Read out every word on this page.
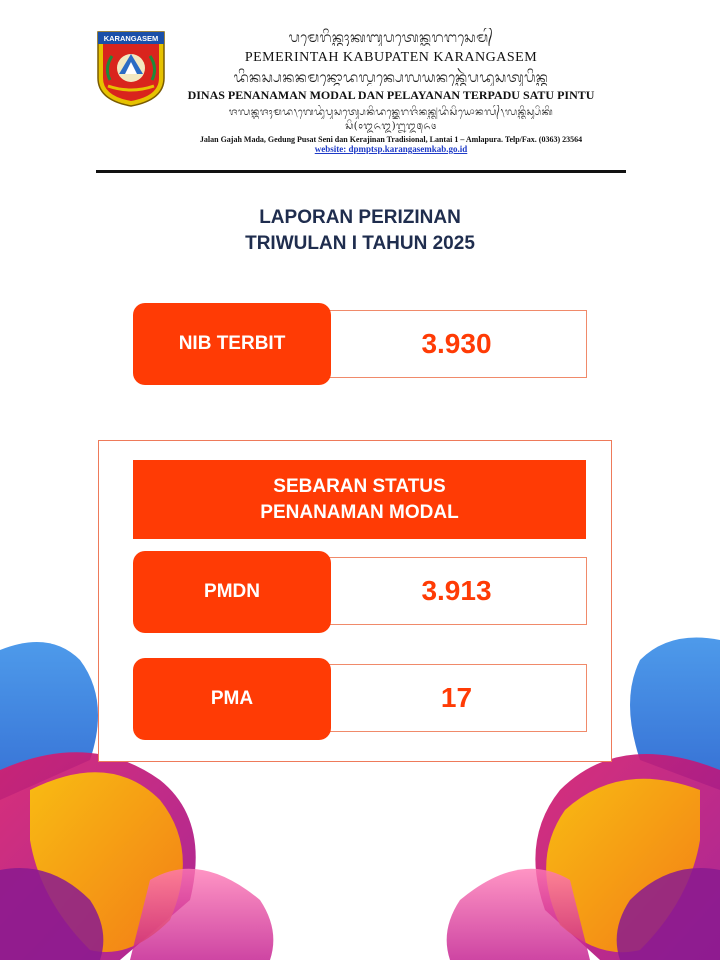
KARANGASEM	ᬧᬫᬾᬭᬶᬦ᭄ᬢᬄᬓᬩᬸᬧᬢᬾᬦ᭄ᬓᬭᬗᬲᬾᬫ᭄
PEMERINTAH KABUPATEN KARANGASEM
ᬤᬶᬦᬲ᭄ᬧᬦᬦᬫᬦ᭄ᬫᭀᬤᬮ᭄ᬤᬦ᭄ᬧᬾᬮᬬᬦᬦ᭄ᬢᬾᬃᬧᬤᬸᬲᬢᬸᬧᬶᬦ᭄ᬢᬸ
DINAS PENANAMAN MODAL DAN PELAYANAN TERPADU SATU PINTU
ᬚᬮᬦ᭄ᬕᬚᬄᬫᬤ᭞ᬕᬾᬤᬸᬂᬧᬸᬲᬢ᭄ᬲᬾᬦᬶᬤᬦ᭄ᬓᬾᬭᬚᬶᬦᬦ᭄ᬢ᭄ᬭᬤᬶᬲᬶᬬᭀᬦᬮ᭄᭞ᬮᬦ᭄ᬢᬶᬲ᭄ᬲᬶᬓᬶ
ᬲᬶ(᭐᭓᭖᭓)᭒᭓᭕᭖᭔
Jalan Gajah Mada, Gedung Pusat Seni dan Kerajinan Tradisional, Lantai 1 – Amlapura. Telp/Fax. (0363) 23564
website: dpmptsp.karangasemkab.go.id
LAPORAN PERIZINAN
TRIWULAN I TAHUN 2025
3.930
NIB TERBIT
SEBARAN STATUS
PENANAMAN MODAL
3.913
PMDN
17
PMA
